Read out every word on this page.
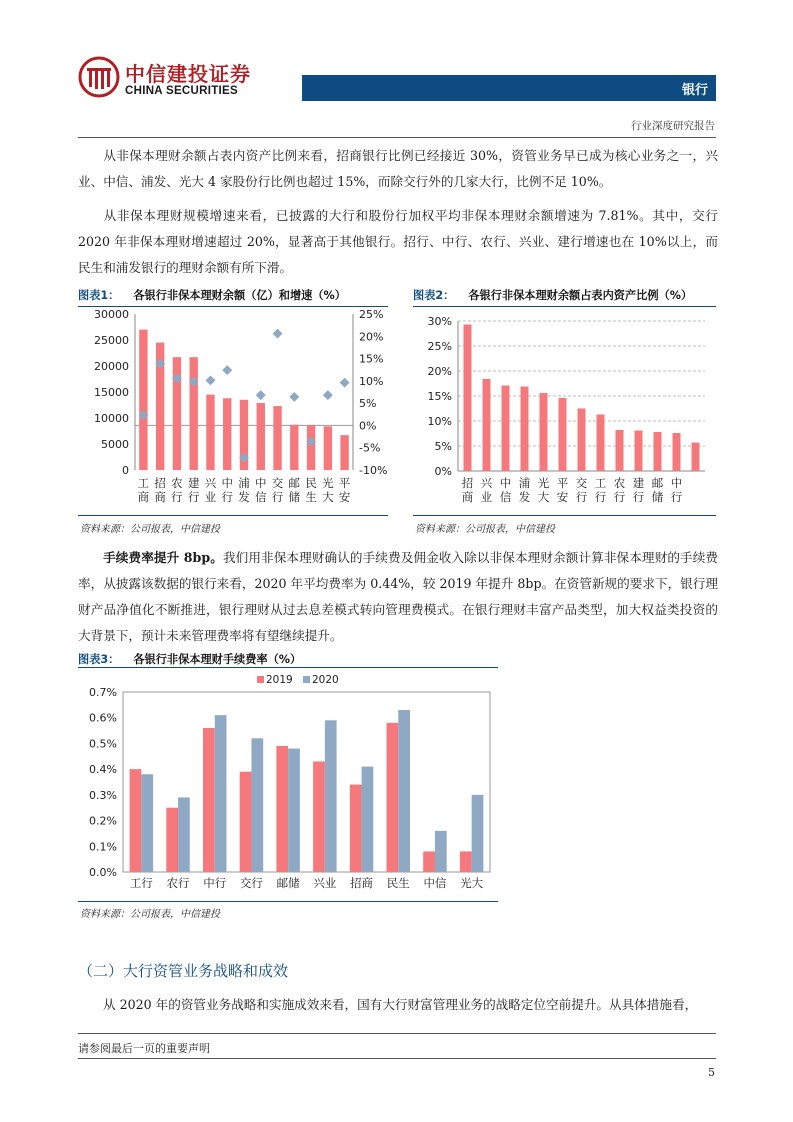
中信建投证券
CHINA SECURITIES	银行
行业深度研究报告
从非保本理财余额占表内资产比例来看，招商银行比例已经接近 30%，资管业务早已成为核心业务之一，兴业、中信、浦发、光大 4 家股份行比例也超过 15%，而除交行外的几家大行，比例不足 10%。
从非保本理财规模增速来看，已披露的大行和股份行加权平均非保本理财余额增速为 7.81%。其中，交行 2020 年非保本理财增速超过 20%，显著高于其他银行。招行、中行、农行、兴业、建行增速也在 10%以上，而民生和浦发银行的理财余额有所下滑。
图表1： 各银行非保本理财余额（亿）和增速（%）
0
5000
10000
15000
20000
25000
30000
-10%
-5%
0%
5%
10%
15%
20%
25%
工
商
招
商
农
行
建
行
兴
业
中
行
浦
发
中
信
交
行
邮
储
民
生
光
大
平
安
资料来源：公司报表，中信建投
图表2： 各银行非保本理财余额占表内资产比例（%）
0%
5%
10%
15%
20%
25%
30%
招
商
兴
业
中
信
浦
发
光
大
平
安
交
行
工
行
农
行
建
行
邮
储
中
行
资料来源：公司报表，中信建投
手续费率提升 8bp。我们用非保本理财确认的手续费及佣金收入除以非保本理财余额计算非保本理财的手续费率，从披露该数据的银行来看，2020 年平均费率为 0.44%，较 2019 年提升 8bp。在资管新规的要求下，银行理财产品净值化不断推进，银行理财从过去息差模式转向管理费模式。在银行理财丰富产品类型，加大权益类投资的大背景下，预计未来管理费率将有望继续提升。
图表3： 各银行非保本理财手续费率（%）
0.0%
0.1%
0.2%
0.3%
0.4%
0.5%
0.6%
0.7%
工行 农行 中行 交行 邮储 兴业 招商 民生 中信 光大
2019 2020
资料来源：公司报表，中信建投
（二）大行资管业务战略和成效
从 2020 年的资管业务战略和实施成效来看，国有大行财富管理业务的战略定位空前提升。从具体措施看，
请参阅最后一页的重要声明
5
